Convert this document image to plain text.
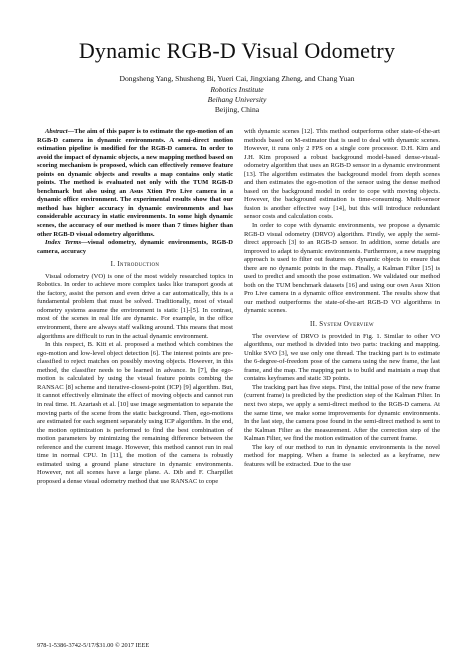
Dynamic RGB-D Visual Odometry
Dongsheng Yang, Shusheng Bi, Yueri Cai, Jingxiang Zheng, and Chang Yuan
Robotics Institute
Beihang University
Beijing, China

Abstract—The aim of this paper is to estimate the ego-motion of an RGB-D camera in dynamic environments. A semi-direct motion estimation pipeline is modified for the RGB-D camera. In order to avoid the impact of dynamic objects, a new mapping method based on scoring mechanism is proposed, which can effectively remove feature points on dynamic objects and results a map contains only static points. The method is evaluated not only with the TUM RGB-D benchmark but also using an Asus Xtion Pro Live camera in a dynamic office environment. The experimental results show that our method has higher accuracy in dynamic environments and has considerable accuracy in static environments. In some high dynamic scenes, the accuracy of our method is more than 7 times higher than other RGB-D visual odometry algorithms.

Index Terms—visual odometry, dynamic environments, RGB-D camera, accuracy

I. Introduction

Visual odometry (VO) is one of the most widely researched topics in Robotics. In order to achieve more complex tasks like transport goods at the factory, assist the person and even drive a car automatically, this is a fundamental problem that must be solved. Traditionally, most of visual odometry systems assume the environment is static [1]-[5]. In contrast, most of the scenes in real life are dynamic. For example, in the office environment, there are always staff walking around. This means that most algorithms are difficult to run in the actual dynamic environment.

In this respect, B. Kitt et al. proposed a method which combines the ego-motion and low-level object detection [6]. The interest points are pre-classified to reject matches on possibly moving objects. However, in this method, the classifier needs to be learned in advance. In [7], the ego-motion is calculated by using the visual feature points combing the RANSAC [8] scheme and iterative-closest-point (ICP) [9] algorithm. But, it cannot effectively eliminate the effect of moving objects and cannot run in real time. H. Azartash et al. [10] use image segmentation to separate the moving parts of the scene from the static background. Then, ego-motions are estimated for each segment separately using ICP algorithm. In the end, the motion optimization is performed to find the best combination of motion parameters by minimizing the remaining difference between the reference and the current image. However, this method cannot run in real time in normal CPU. In [11], the motion of the camera is robustly estimated using a ground plane structure in dynamic environments. However, not all scenes have a large plane. A. Dib and F. Charpillet proposed a dense visual odometry method that use RANSAC to cope

with dynamic scenes [12]. This method outperforms other state-of-the-art methods based on M-estimator that is used to deal with dynamic scenes. However, it runs only 2 FPS on a single core processor. D.H. Kim and J.H. Kim proposed a robust background model-based dense-visual-odometry algorithm that uses an RGB-D sensor in a dynamic environment [13]. The algorithm estimates the background model from depth scenes and then estimates the ego-motion of the sensor using the dense method based on the background model in order to cope with moving objects. However, the background estimation is time-consuming. Multi-sensor fusion is another effective way [14], but this will introduce redundant sensor costs and calculation costs.

In order to cope with dynamic environments, we propose a dynamic RGB-D visual odometry (DRVO) algorithm. Firstly, we apply the semi-direct approach [3] to an RGB-D sensor. In addition, some details are improved to adapt to dynamic environments. Furthermore, a new mapping approach is used to filter out features on dynamic objects to ensure that there are no dynamic points in the map. Finally, a Kalman Filter [15] is used to predict and smooth the pose estimation. We validated our method both on the TUM benchmark datasets [16] and using our own Asus Xtion Pro Live camera in a dynamic office environment. The results show that our method outperforms the state-of-the-art RGB-D VO algorithms in dynamic scenes.

II. System Overview

The overview of DRVO is provided in Fig. 1. Similar to other VO algorithms, our method is divided into two parts: tracking and mapping. Unlike SVO [3], we use only one thread. The tracking part is to estimate the 6-degree-of-freedom pose of the camera using the new frame, the last frame, and the map. The mapping part is to build and maintain a map that contains keyframes and static 3D points.

The tracking part has five steps. First, the initial pose of the new frame (current frame) is predicted by the prediction step of the Kalman Filter. In next two steps, we apply a semi-direct method to the RGB-D camera. At the same time, we make some improvements for dynamic environments. In the last step, the camera pose found in the semi-direct method is sent to the Kalman Filter as the measurement. After the correction step of the Kalman Filter, we find the motion estimation of the current frame.

The key of our method to run in dynamic environments is the novel method for mapping. When a frame is selected as a keyframe, new features will be extracted. Due to the use

978-1-5386-3742-5/17/$31.00 © 2017 IEEE
